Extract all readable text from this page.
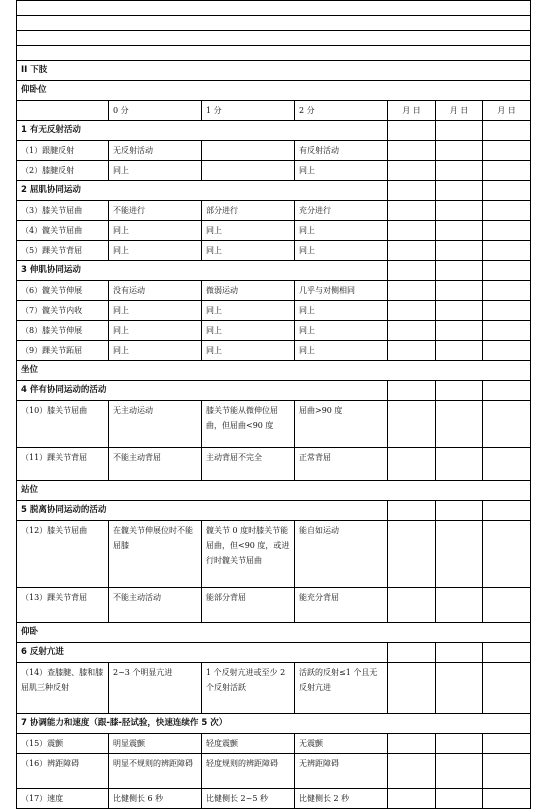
II 下肢						
仰卧位						
	0 分	1 分	2 分	月 日	月 日	月 日
1 有无反射活动						
（1）跟腱反射	无反射活动		有反射活动			
（2）膝腱反射	同上		同上			
2 屈肌协同运动						
（3）膝关节屈曲	不能进行	部分进行	充分进行			
（4）髋关节屈曲	同上	同上	同上			
（5）踝关节背屈	同上	同上	同上			
3 伸肌协同运动						
（6）髋关节伸展	没有运动	微弱运动	几乎与对侧相同			
（7）髋关节内收	同上	同上	同上			
（8）膝关节伸展	同上	同上	同上			
（9）踝关节跖屈	同上	同上	同上			
坐位						
4 伴有协同运动的活动						
（10）膝关节屈曲	无主动运动	膝关节能从微伸位屈曲，但屈曲<90 度	屈曲>90 度			
（11）踝关节背屈	不能主动背屈	主动背屈不完全	正常背屈			
站位						
5 脱离协同运动的活动						
（12）膝关节屈曲	在髋关节伸展位时不能屈膝	髋关节 0 度时膝关节能屈曲，但<90 度，或进行时髋关节屈曲	能自如运动			
（13）踝关节背屈	不能主动活动	能部分背屈	能充分背屈			
仰卧						
6 反射亢进						
（14）查膝腱、膝和膝屈肌三种反射	2~3 个明显亢进	1 个反射亢进或至少 2 个反射活跃	活跃的反射≤1 个且无反射亢进			
7 协调能力和速度（跟-膝-胫试验，快速连续作 5 次）						
（15）震颤	明显震颤	轻度震颤	无震颤			
（16）辨距障碍	明显不规则的辨距障碍	轻度规则的辨距障碍	无辨距障碍			
（17）速度	比健侧长 6 秒	比健侧长 2~5 秒	比健侧长 2 秒			
